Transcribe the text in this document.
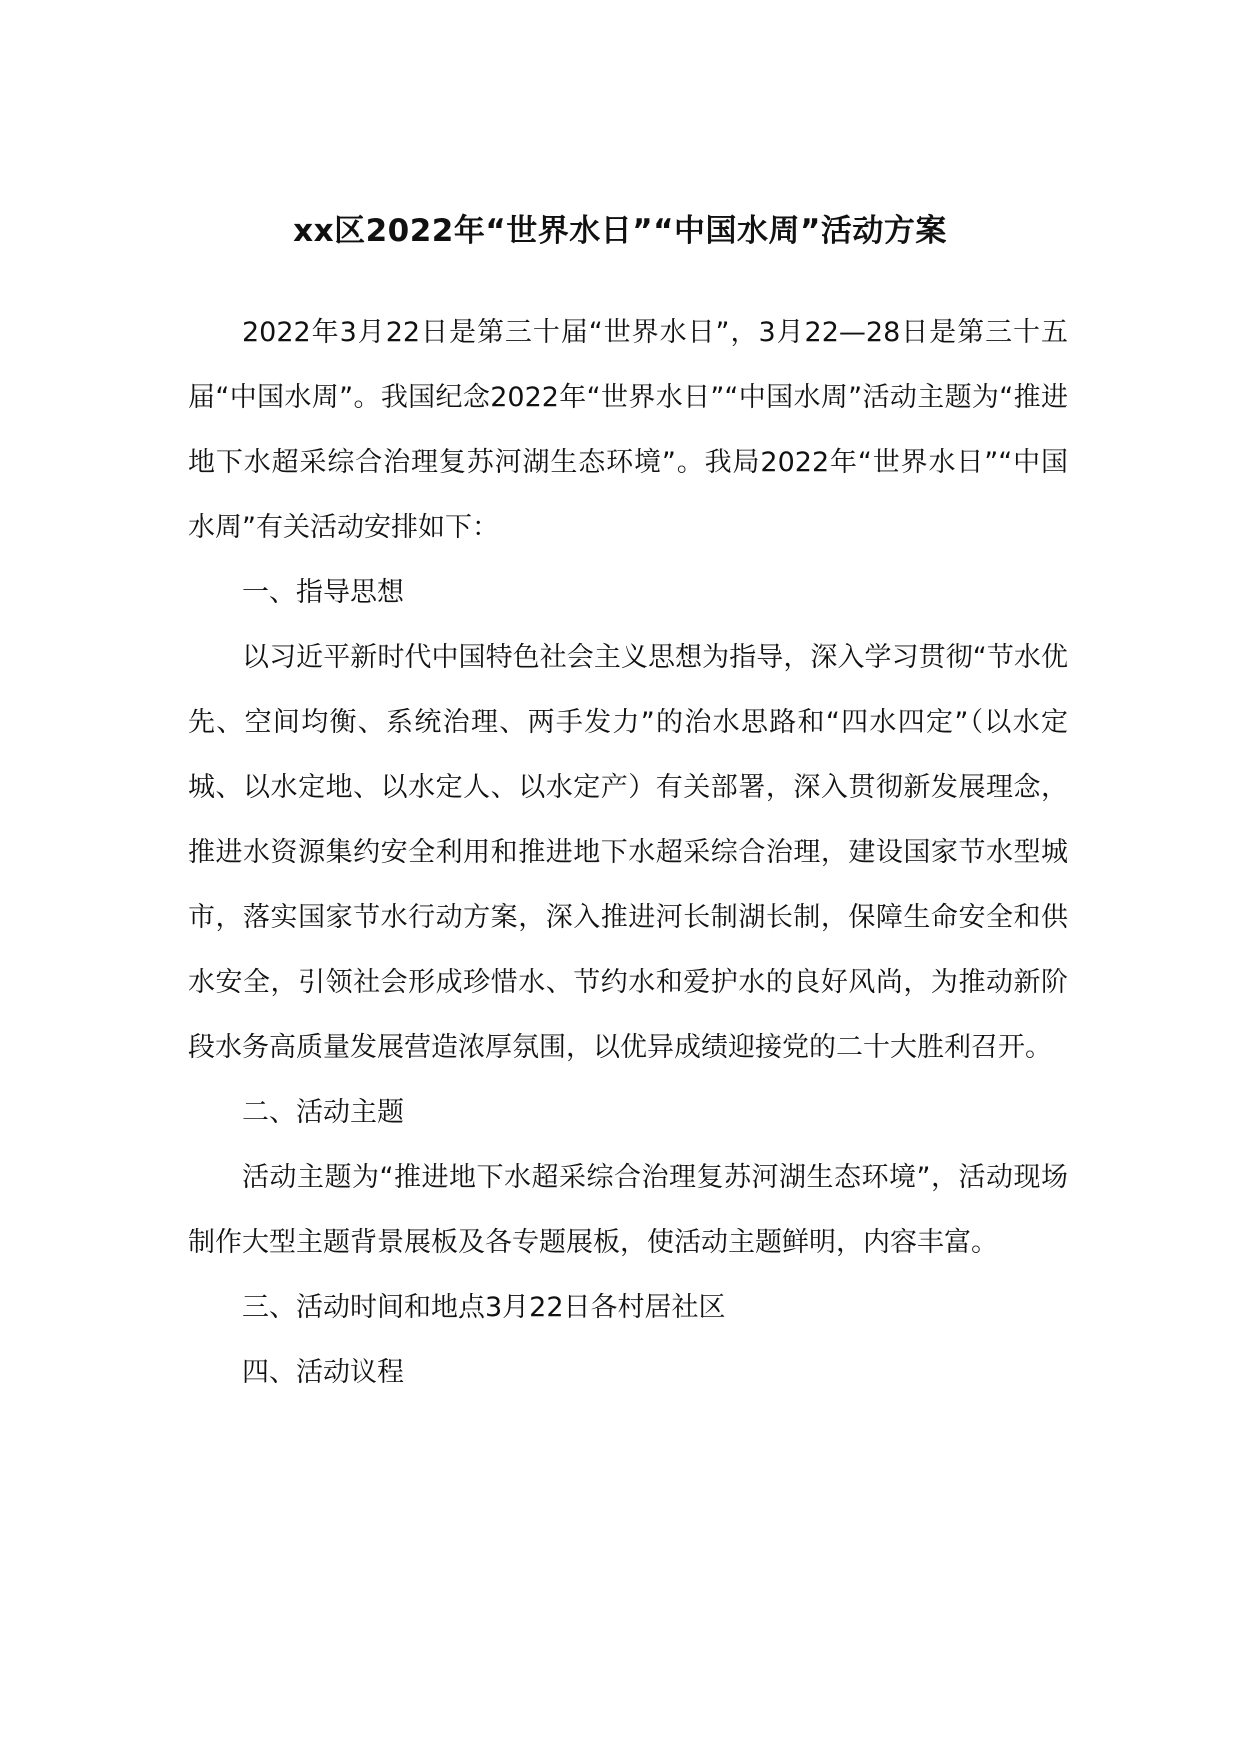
xx区2022年“世界水日”“中国水周”活动方案

2022年3月22日是第三十届“世界水日”，3月22—28日是第三十五届“中国水周”。我国纪念2022年“世界水日”“中国水周”活动主题为“推进地下水超采综合治理复苏河湖生态环境”。我局2022年“世界水日”“中国水周”有关活动安排如下：

一、指导思想

以习近平新时代中国特色社会主义思想为指导，深入学习贯彻“节水优先、空间均衡、系统治理、两手发力”的治水思路和“四水四定”（以水定城、以水定地、以水定人、以水定产）有关部署，深入贯彻新发展理念，推进水资源集约安全利用和推进地下水超采综合治理，建设国家节水型城市，落实国家节水行动方案，深入推进河长制湖长制，保障生命安全和供水安全，引领社会形成珍惜水、节约水和爱护水的良好风尚，为推动新阶段水务高质量发展营造浓厚氛围，以优异成绩迎接党的二十大胜利召开。

二、活动主题

活动主题为“推进地下水超采综合治理复苏河湖生态环境”，活动现场制作大型主题背景展板及各专题展板，使活动主题鲜明，内容丰富。

三、活动时间和地点3月22日各村居社区

四、活动议程
